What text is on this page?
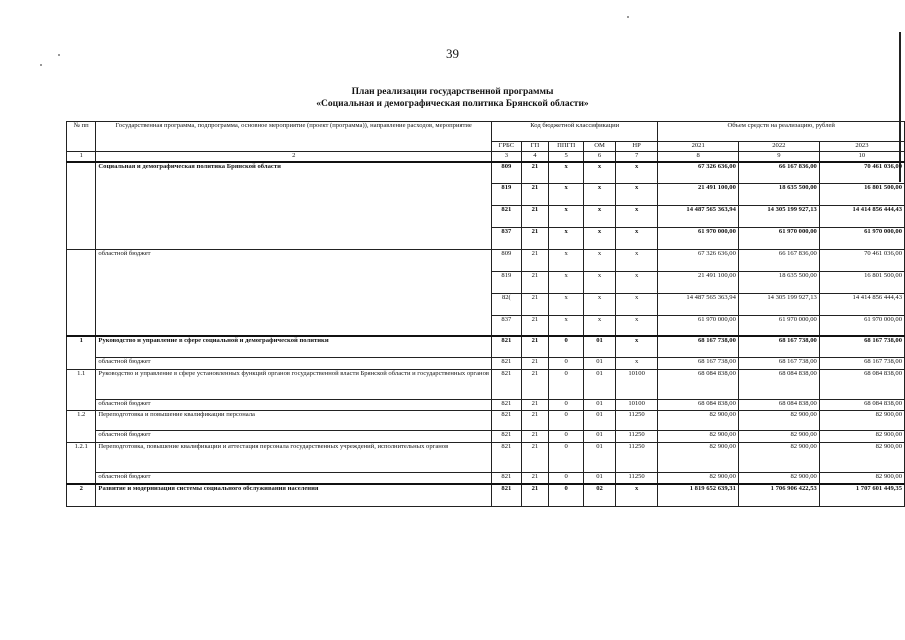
39
План реализации государственной программы
«Социальная и демографическая политика Брянской области»
№ пп	Государственная программа, подпрограмма, основное мероприятие (проект (программа)), направление расходов, мероприятие	Код бюджетной классификации					Объем средств на реализацию, рублей		
		ГРБС	ГП	ППГП	ОМ	НР	2021	2022	2023
1	2	3	4	5	6	7	8	9	10
	Социальная и демографическая политика Брянской области	809	21	х	х	х	67 326 636,00	66 167 836,00	70 461 036,00
		819	21	х	х	х	21 491 100,00	18 635 500,00	16 801 500,00
		821	21	х	х	х	14 487 565 363,94	14 305 199 927,13	14 414 856 444,43
		837	21	х	х	х	61 970 000,00	61 970 000,00	61 970 000,00
	областной бюджет	809	21	х	х	х	67 326 636,00	66 167 836,00	70 461 036,00
		819	21	х	х	х	21 491 100,00	18 635 500,00	16 801 500,00
		82(	21	х	х	х	14 487 565 363,94	14 305 199 927,13	14 414 856 444,43
		837	21	х	х	х	61 970 000,00	61 970 000,00	61 970 000,00
1	Руководство и управление в сфере социальной и демографической политики	821	21	0	01	х	68 167 738,00	68 167 738,00	68 167 738,00
	областной бюджет	821	21	0	01	х	68 167 738,00	68 167 738,00	68 167 738,00
1.1	Руководство и управление в сфере установленных функций органов государственной власти Брянской области и государственных органов	821	21	0	01	10100	68 084 838,00	68 084 838,00	68 084 838,00
	областной бюджет	821	21	0	01	10100	68 084 838,00	68 084 838,00	68 084 838,00
1.2	Переподготовка и повышение квалификации персонала	821	21	0	01	11250	82 900,00	82 900,00	82 900,00
	областной бюджет	821	21	0	01	11250	82 900,00	82 900,00	82 900,00
1.2.1	Переподготовка, повышение квалификации и аттестация персонала государственных учреждений, исполнительных органов	821	21	0	01	11250	82 900,00	82 900,00	82 900,00
	областной бюджет	821	21	0	01	11250	82 900,00	82 900,00	82 900,00
2	Развитие и модернизация системы социального обслуживания населения	821	21	0	02	х	1 819 652 639,31	1 706 906 422,53	1 707 601 449,35
